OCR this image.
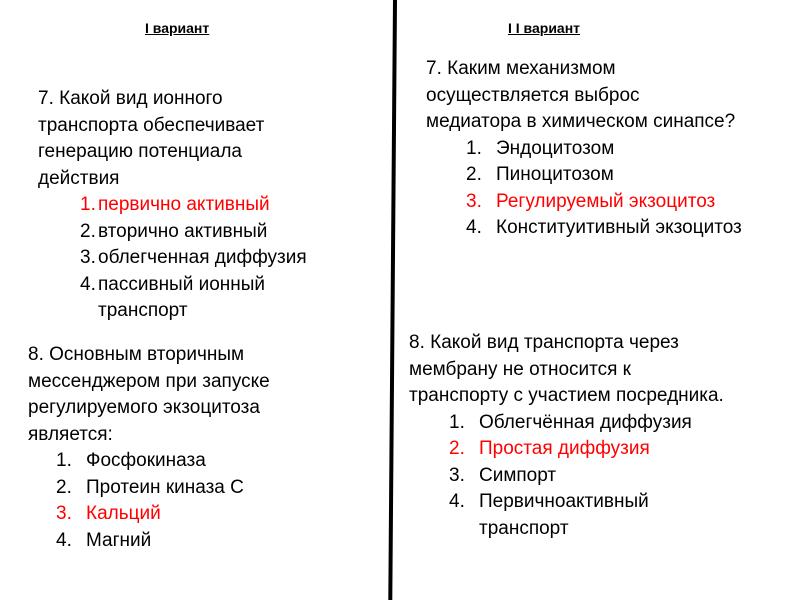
I вариант	I I вариант
7. Какой вид ионного
транспорта обеспечивает
генерацию потенциала
действия
1. первично активный
2. вторично активный
3. облегченная диффузия
4. пассивный ионный
транспорт
8. Основным вторичным
мессенджером при запуске
регулируемого экзоцитоза
является:
1. Фосфокиназа
2. Протеин киназа С
3. Кальций
4. Магний
7. Каким механизмом
осуществляется выброс
медиатора в химическом синапсе?
1. Эндоцитозом
2. Пиноцитозом
3. Регулируемый экзоцитоз
4. Конституитивный экзоцитоз
8. Какой вид транспорта через
мембрану не относится к
транспорту с участием посредника.
1. Облегчённая диффузия
2. Простая диффузия
3. Симпорт
4. Первичноактивный
транспорт
